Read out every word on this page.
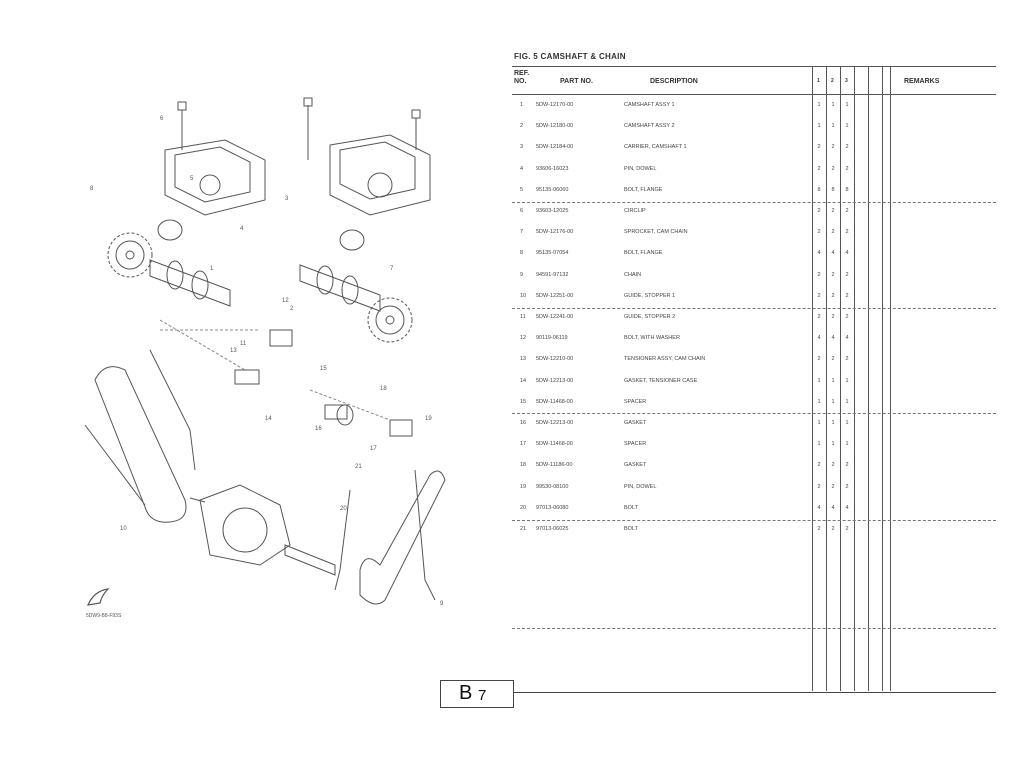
6
5
3
4
1
2
8
7
10
11
12
13
14
15
16
17
18
19
20
21
9
5DW9-B8-F93S
FIG. 5 CAMSHAFT & CHAIN
REF. NO.	PART NO.	DESCRIPTION	1 2 3	REMARKS
1 5DW-12170-00	CAMSHAFT ASSY 1	1	1	1
2 5DW-12180-00	CAMSHAFT ASSY 2	1	1	1
3 5DW-12184-00	CARRIER, CAMSHAFT 1	2	2	2
4 93606-16023	PIN, DOWEL	2	2	2
5 95135-06060	BOLT, FLANGE	8	8	8
6 93603-12025	CIRCLIP	2	2	2
7 5DW-12176-00	SPROCKET, CAM CHAIN	2	2	2
8 95135-07054	BOLT, FLANGE	4	4	4
9 94591-97132	CHAIN	2	2	2
10 5DW-12251-00	GUIDE, STOPPER 1	2	2	2
11 5DW-12241-00	GUIDE, STOPPER 2	2	2	2
12 90119-06119	BOLT, WITH WASHER	4	4	4
13 5DW-12210-00	TENSIONER ASSY, CAM CHAIN	2	2	2
14 5DW-12213-00	GASKET, TENSIONER CASE	1	1	1
15 5DW-11468-00	SPACER	1	1	1
16 5DW-12213-00	GASKET	1	1	1
17 5DW-11468-00	SPACER	1	1	1
18 5DW-11186-00	GASKET	2	2	2
19 99530-08100	PIN, DOWEL	2	2	2
20 97013-06080	BOLT	4	4	4
21 97013-06025	BOLT	2	2	2
B 7
